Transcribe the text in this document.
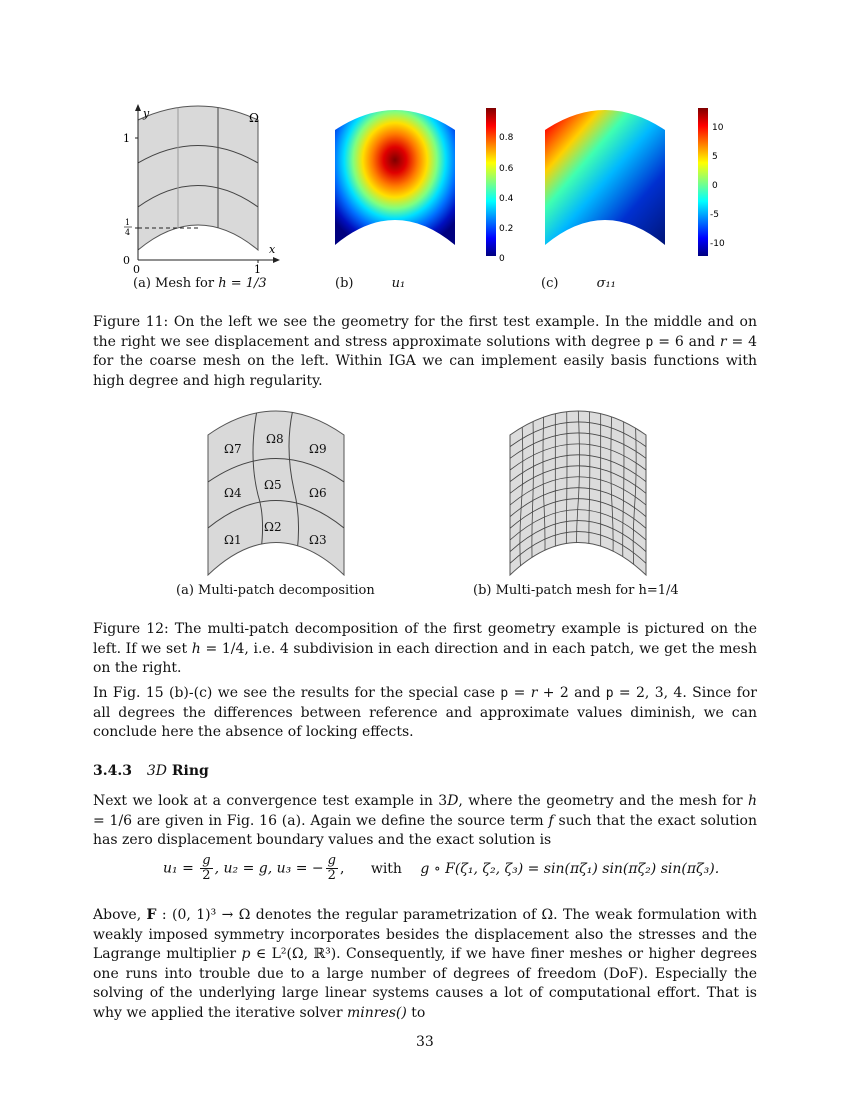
y
x
Ω
1
1
4
0
0	1
(a) Mesh for h = 1/3
0.8
0.6
0.4
0.2
0
(b)	u₁
10
5
0
-5
-10
(c)	σ₁₁
Figure 11: On the left we see the geometry for the first test example. In the middle and on the right we see displacement and stress approximate solutions with degree p = 6 and r = 4 for the coarse mesh on the left. Within IGA we can implement easily basis functions with high degree and high regularity.
Ω7
Ω8
Ω9
Ω4
Ω5
Ω6
Ω1
Ω2
Ω3
(a) Multi-patch decomposition	(b) Multi-patch mesh for h=1/4
Figure 12: The multi-patch decomposition of the first geometry example is pictured on the left. If we set h = 1/4, i.e. 4 subdivision in each direction and in each patch, we get the mesh on the right.
In Fig. 15 (b)-(c) we see the results for the special case p = r + 2 and p = 2, 3, 4. Since for all degrees the differences between reference and approximate values diminish, we can conclude here the absence of locking effects.
3.4.3 3D Ring
Next we look at a convergence test example in 3D, where the geometry and the mesh for h = 1/6 are given in Fig. 16 (a). Again we define the source term f such that the exact solution has zero displacement boundary values and the exact solution is
$u_1 = \frac{g}{2}$ , u₂ = g, u₃ = − $\frac{g}{2}$ , with g ∘ F(ζ₁, ζ₂, ζ₃) = sin(πζ₁) sin(πζ₂) sin(πζ₃).
Above, F : (0, 1)³ → Ω denotes the regular parametrization of Ω. The weak formulation with weakly imposed symmetry incorporates besides the displacement also the stresses and the Lagrange multiplier p ∈ L²(Ω, ℝ³). Consequently, if we have finer meshes or higher degrees one runs into trouble due to a large number of degrees of freedom (DoF). Especially the solving of the underlying large linear systems causes a lot of computational effort. That is why we applied the iterative solver minres() to
33
